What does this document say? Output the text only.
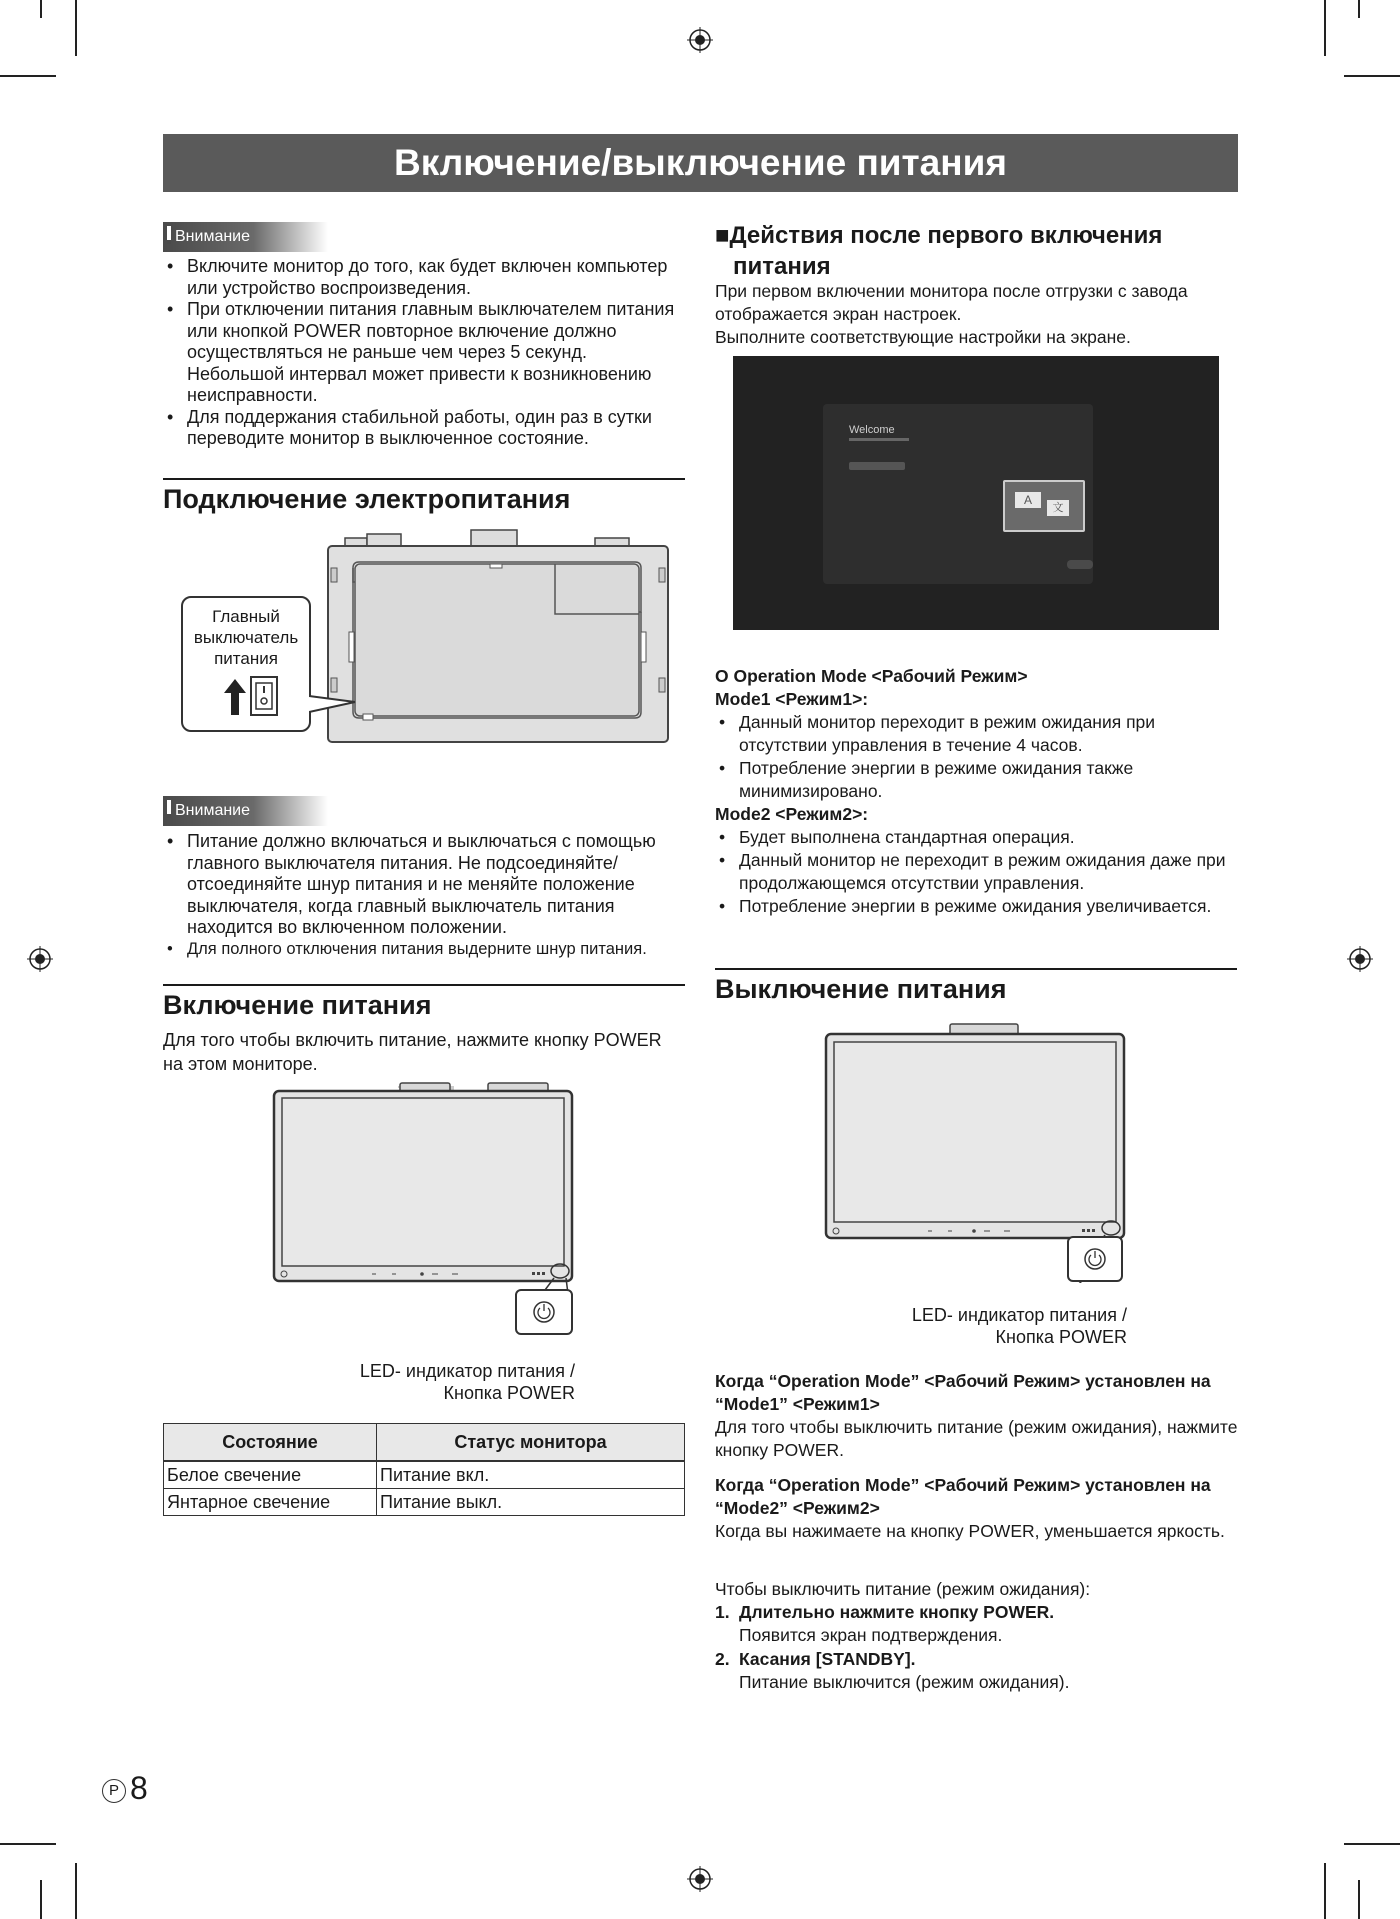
Включение/выключение питания
Внимание
• Включите монитор до того, как будет включен компьютер или устройство воспроизведения.
• При отключении питания главным выключателем питания или кнопкой POWER повторное включение должно осуществляться не раньше чем через 5 секунд. Небольшой интервал может привести к возникновению неисправности.
• Для поддержания стабильной работы, один раз в сутки переводите монитор в выключенное состояние.
Подключение электропитания
Главный
выключатель
питания
Внимание
• Питание должно включаться и выключаться с помощью главного выключателя питания. Не подсоединяйте/ отсоединяйте шнур питания и не меняйте положение выключателя, когда главный выключатель питания находится во включенном положении.
• Для полного отключения питания выдерните шнур питания.
Включение питания
Для того чтобы включить питание, нажмите кнопку POWER на этом мониторе.
LED- индикатор питания /
Кнопка POWER
Состояние	Статус монитора
Белое свечение	Питание вкл.
Янтарное свечение	Питание выкл.
P 8
■Действия после первого включения
питания
При первом включении монитора после отгрузки с завода отображается экран настроек.
Выполните соответствующие настройки на экране.
Welcome
A
文
О Operation Mode <Рабочий Режим>
Mode1 <Режим1>:
• Данный монитор переходит в режим ожидания при отсутствии управления в течение 4 часов.
• Потребление энергии в режиме ожидания также минимизировано.
Mode2 <Режим2>:
• Будет выполнена стандартная операция.
• Данный монитор не переходит в режим ожидания даже при продолжающемся отсутствии управления.
• Потребление энергии в режиме ожидания увеличивается.
Выключение питания
LED- индикатор питания /
Кнопка POWER
Когда “Operation Mode” <Рабочий Режим> установлен на “Mode1” <Режим1>
Для того чтобы выключить питание (режим ожидания), нажмите кнопку POWER.
Когда “Operation Mode” <Рабочий Режим> установлен на “Mode2” <Режим2>
Когда вы нажимаете на кнопку POWER, уменьшается яркость.
Чтобы выключить питание (режим ожидания):
1. Длительно нажмите кнопку POWER.
Появится экран подтверждения.
2. Касания [STANDBY].
Питание выключится (режим ожидания).
